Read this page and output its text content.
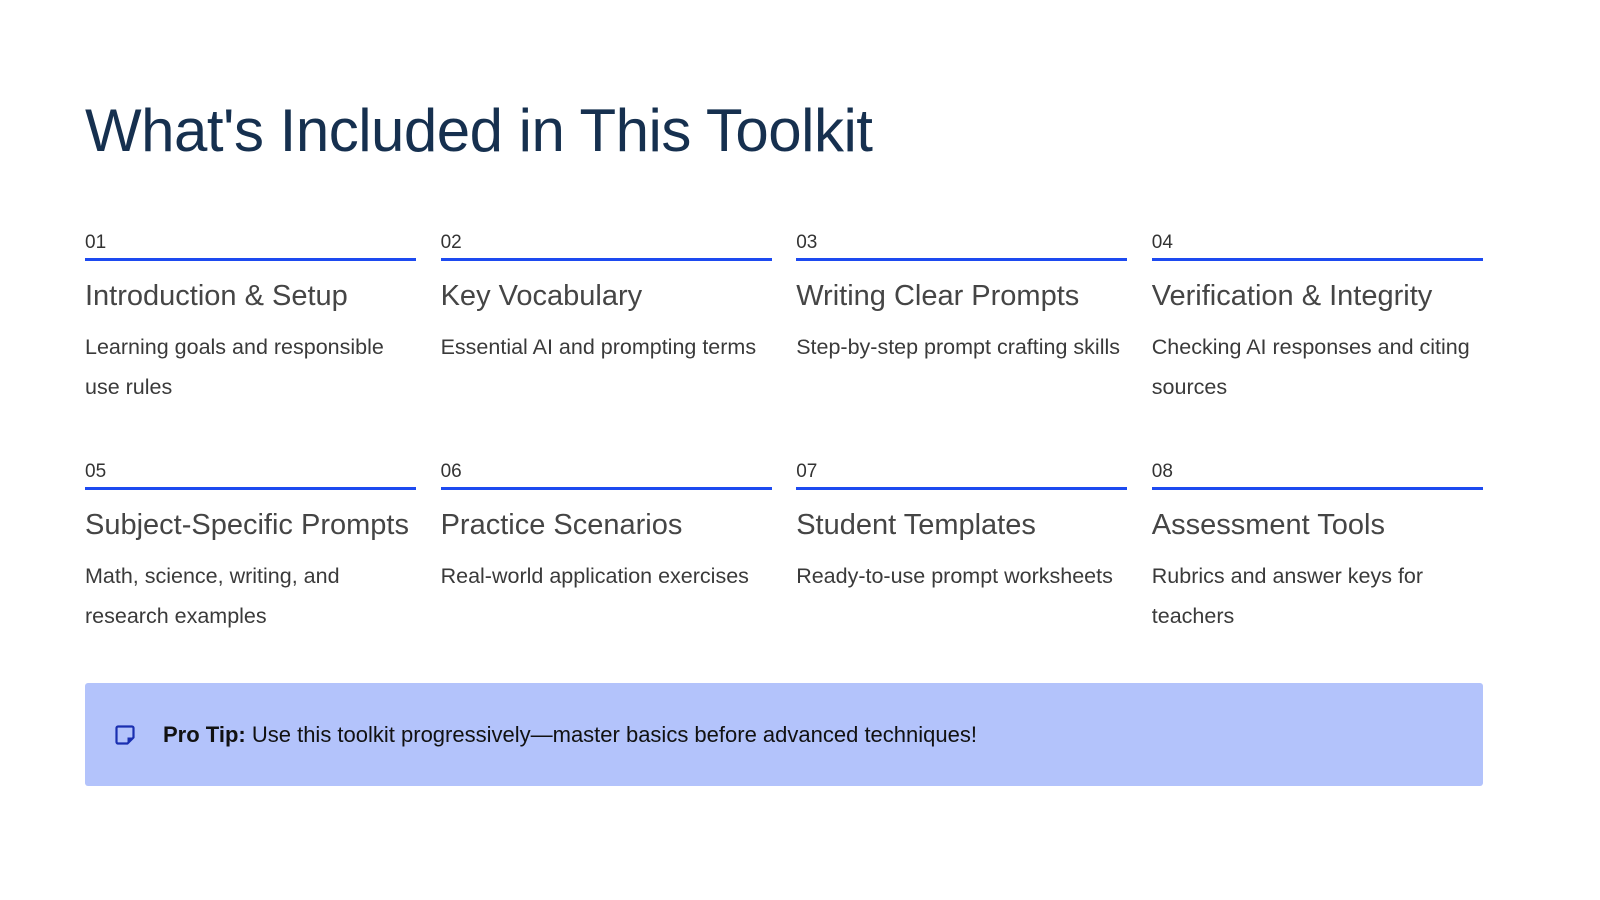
What's Included in This Toolkit
01
Introduction & Setup
Learning goals and responsible use rules
02
Key Vocabulary
Essential AI and prompting terms
03
Writing Clear Prompts
Step-by-step prompt crafting skills
04
Verification & Integrity
Checking AI responses and citing sources
05
Subject-Specific Prompts
Math, science, writing, and research examples
06
Practice Scenarios
Real-world application exercises
07
Student Templates
Ready-to-use prompt worksheets
08
Assessment Tools
Rubrics and answer keys for teachers
Pro Tip: Use this toolkit progressively—master basics before advanced techniques!
